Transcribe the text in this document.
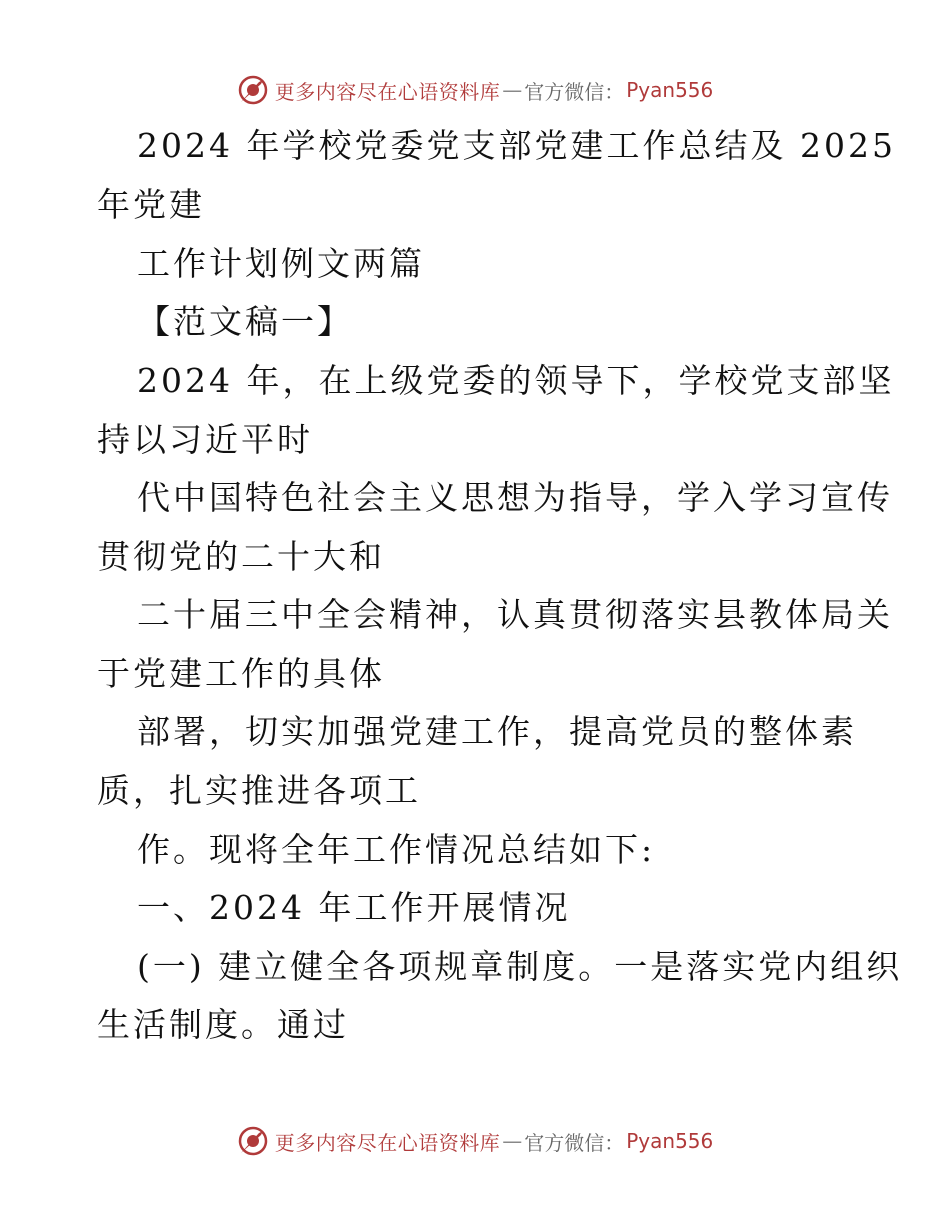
更多内容尽在心语资料库 — 官方微信： Pyan556
2024 年学校党委党支部党建工作总结及 2025
年党建
工作计划例文两篇
【范文稿一】
2024 年，在上级党委的领导下，学校党支部坚
持以习近平时
代中国特色社会主义思想为指导，学入学习宣传
贯彻党的二十大和
二十届三中全会精神，认真贯彻落实县教体局关
于党建工作的具体
部署，切实加强党建工作，提高党员的整体素
质，扎实推进各项工
作。现将全年工作情况总结如下:
一、2024 年工作开展情况
(一) 建立健全各项规章制度。一是落实党内组织
生活制度。通过
更多内容尽在心语资料库 — 官方微信： Pyan556
